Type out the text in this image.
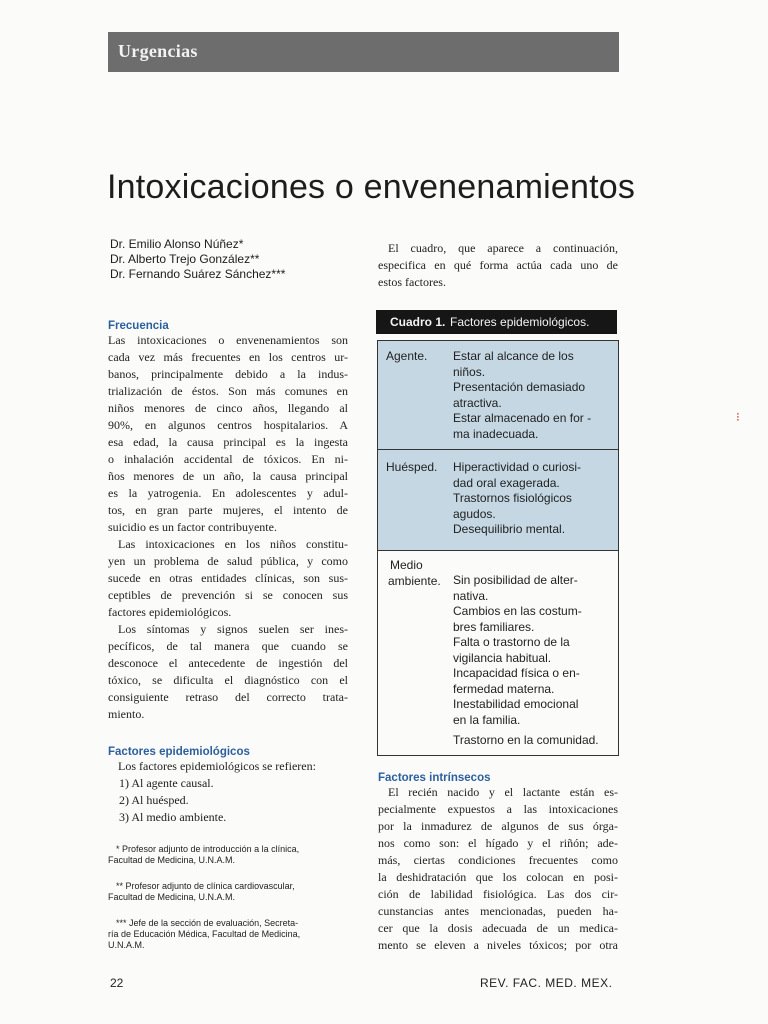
Urgencias
Intoxicaciones o envenenamientos
Dr. Emilio Alonso Núñez*
Dr. Alberto Trejo González**
Dr. Fernando Suárez Sánchez***
Frecuencia
Las intoxicaciones o envenenamientos son
cada vez más frecuentes en los centros ur-
banos, principalmente debido a la indus-
trialización de éstos. Son más comunes en
niños menores de cinco años, llegando al
90%, en algunos centros hospitalarios. A
esa edad, la causa principal es la ingesta
o inhalación accidental de tóxicos. En ni-
ños menores de un año, la causa principal
es la yatrogenia. En adolescentes y adul-
tos, en gran parte mujeres, el intento de
suicidio es un factor contribuyente.
Las intoxicaciones en los niños constitu-
yen un problema de salud pública, y como
sucede en otras entidades clínicas, son sus-
ceptibles de prevención si se conocen sus
factores epidemiológicos.
Los síntomas y signos suelen ser ines-
pecíficos, de tal manera que cuando se
desconoce el antecedente de ingestión del
tóxico, se dificulta el diagnóstico con el
consiguiente retraso del correcto trata-
miento.
Factores epidemiológicos
Los factores epidemiológicos se refieren:
1) Al agente causal.
2) Al huésped.
3) Al medio ambiente.
* Profesor adjunto de introducción a la clínica,
Facultad de Medicina, U.N.A.M.
** Profesor adjunto de clínica cardiovascular,
Facultad de Medicina, U.N.A.M.
*** Jefe de la sección de evaluación, Secreta-
ría de Educación Médica, Facultad de Medicina,
U.N.A.M.
El cuadro, que aparece a continuación,
especifica en qué forma actúa cada uno de
estos factores.
Cuadro 1. Factores epidemiológicos.
Agente. Estar al alcance de los
niños.
Presentación demasiado
atractiva.
Estar almacenado en for -
ma inadecuada.
Huésped. Hiperactividad o curiosi-
dad oral exagerada.
Trastornos fisiológicos
agudos.
Desequilibrio mental.
Medio
ambiente. Sin posibilidad de alter-
nativa.
Cambios en las costum-
bres familiares.
Falta o trastorno de la
vigilancia habitual.
Incapacidad física o en-
fermedad materna.
Inestabilidad emocional
en la familia.
Trastorno en la comunidad.
Factores intrínsecos
El recién nacido y el lactante están es-
pecialmente expuestos a las intoxicaciones
por la inmadurez de algunos de sus órga-
nos como son: el hígado y el riñón; ade-
más, ciertas condiciones frecuentes como
la deshidratación que los colocan en posi-
ción de labilidad fisiológica. Las dos cir-
cunstancias antes mencionadas, pueden ha-
cer que la dosis adecuada de un medica-
mento se eleven a niveles tóxicos; por otra
22	REV. FAC. MED. MEX.
⁝
